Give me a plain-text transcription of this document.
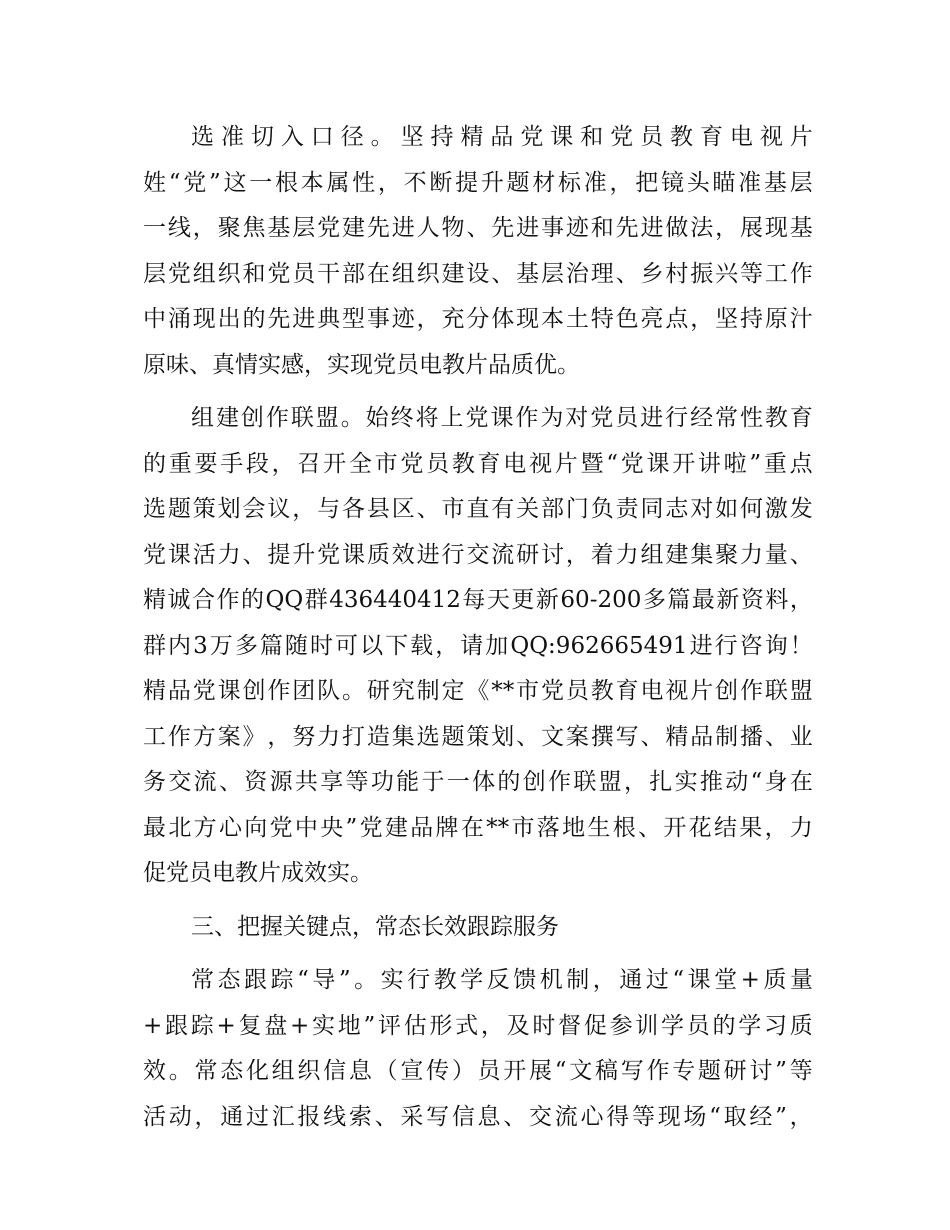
选 准 切 入 口 径 。 坚 持 精 品 党 课 和 党 员 教 育 电 视 片
姓 “ 党 ” 这 一 根 本 属 性 ， 不 断 提 升 题 材 标 准 ， 把 镜 头 瞄 准 基 层
一 线 ， 聚 焦 基 层 党 建 先 进 人 物 、 先 进 事 迹 和 先 进 做 法 ， 展 现 基
层 党 组 织 和 党 员 干 部 在 组 织 建 设 、 基 层 治 理 、 乡 村 振 兴 等 工 作
中 涌 现 出 的 先 进 典 型 事 迹 ， 充 分 体 现 本 土 特 色 亮 点 ， 坚 持 原 汁
原味、真情实感，实现党员电教片品质优。
组 建 创 作 联 盟 。 始 终 将 上 党 课 作 为 对 党 员 进 行 经 常 性 教 育
的 重 要 手 段 ， 召 开 全 市 党 员 教 育 电 视 片 暨 “ 党 课 开 讲 啦 ” 重 点
选 题 策 划 会 议 ， 与 各 县 区 、 市 直 有 关 部 门 负 责 同 志 对 如 何 激 发
党 课 活 力 、 提 升 党 课 质 效 进 行 交 流 研 讨 ， 着 力 组 建 集 聚 力 量 、
精 诚 合 作 的 QQ 群 436440412 每 天 更 新 60-200 多 篇 最 新 资 料 ，
群 内 3 万 多 篇 随 时 可 以 下 载 ， 请 加 QQ:962665491 进 行 咨 询 ！
精 品 党 课 创 作 团 队 。 研 究 制 定 《 ** 市 党 员 教 育 电 视 片 创 作 联 盟
工 作 方 案 》 ， 努 力 打 造 集 选 题 策 划 、 文 案 撰 写 、 精 品 制 播 、 业
务 交 流 、 资 源 共 享 等 功 能 于 一 体 的 创 作 联 盟 ， 扎 实 推 动 “ 身 在
最 北 方 心 向 党 中 央 ” 党 建 品 牌 在 ** 市 落 地 生 根 、 开 花 结 果 ， 力
促党员电教片成效实。
三、把握关键点，常态长效跟踪服务
常 态 跟 踪 “ 导 ” 。 实 行 教 学 反 馈 机 制 ， 通 过 “ 课 堂 + 质 量
+ 跟 踪 + 复 盘 + 实 地 ” 评 估 形 式 ， 及 时 督 促 参 训 学 员 的 学 习 质
效 。 常 态 化 组 织 信 息 （ 宣 传 ） 员 开 展 “ 文 稿 写 作 专 题 研 讨 ” 等
活 动 ， 通 过 汇 报 线 索 、 采 写 信 息 、 交 流 心 得 等 现 场 “ 取 经 ” ，
